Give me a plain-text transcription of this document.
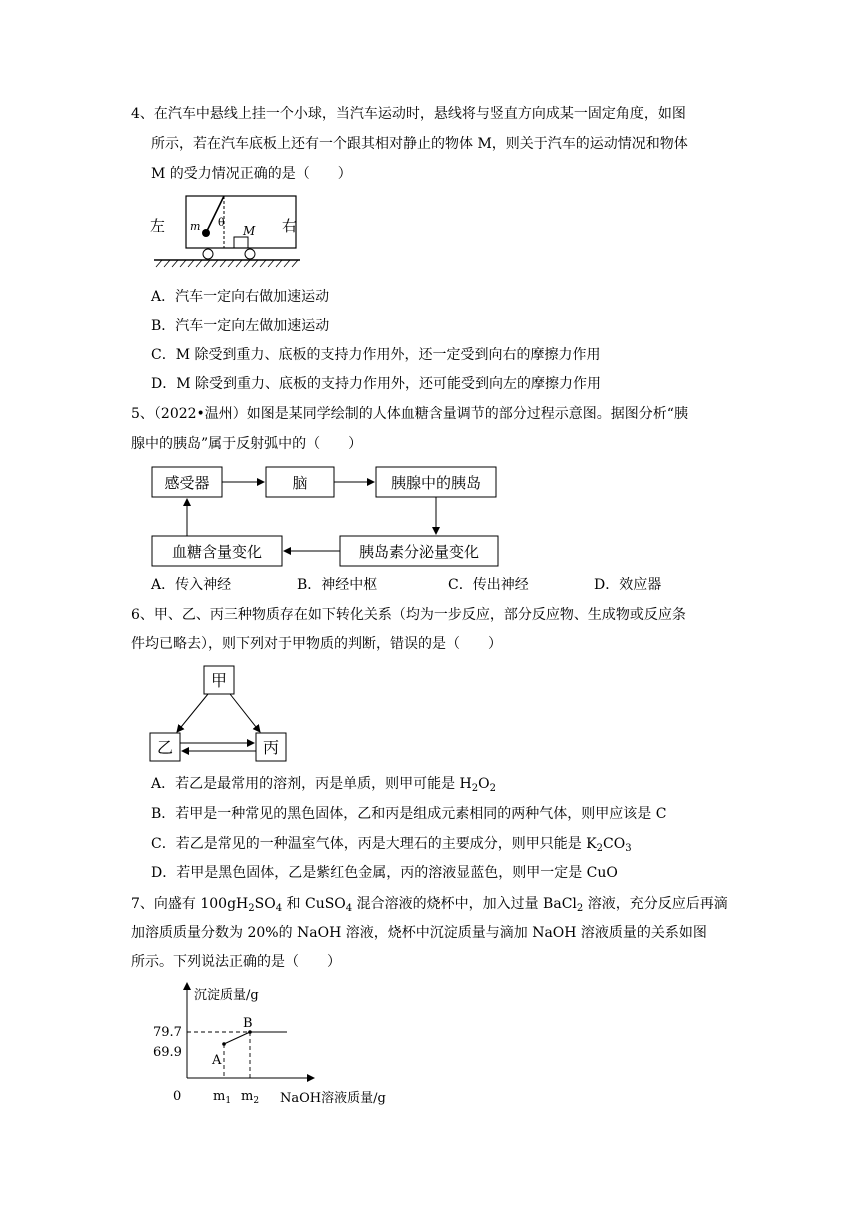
4、在汽车中悬线上挂一个小球，当汽车运动时，悬线将与竖直方向成某一固定角度，如图
所示，若在汽车底板上还有一个跟其相对静止的物体 M，则关于汽车的运动情况和物体
M 的受力情况正确的是（　　）
左	右
m θ
M
A．汽车一定向右做加速运动
B．汽车一定向左做加速运动
C．M 除受到重力、底板的支持力作用外，还一定受到向右的摩擦力作用
D．M 除受到重力、底板的支持力作用外，还可能受到向左的摩擦力作用
5、（2022•温州）如图是某同学绘制的人体血糖含量调节的部分过程示意图。据图分析“胰
腺中的胰岛”属于反射弧中的（　　）
感受器	脑	胰腺中的胰岛
胰岛素分泌量变化
血糖含量变化
A．传入神经	B．神经中枢	C．传出神经	D．效应器
6、甲、乙、丙三种物质存在如下转化关系（均为一步反应，部分反应物、生成物或反应条
件均已略去），则下列对于甲物质的判断，错误的是（　　）
甲
乙	丙
A．若乙是最常用的溶剂，丙是单质，则甲可能是 $H_2O_2$
B．若甲是一种常见的黑色固体，乙和丙是组成元素相同的两种气体，则甲应该是 C
C．若乙是常见的一种温室气体，丙是大理石的主要成分，则甲只能是 $K_2CO_3$
D．若甲是黑色固体，乙是紫红色金属，丙的溶液显蓝色，则甲一定是 CuO
7、向盛有 $100gH_2SO_4$ 和 CuSO$_4$ 混合溶液的烧杯中，加入过量 BaCl$_2$ 溶液，充分反应后再滴
加溶质质量分数为 20%的 NaOH 溶液，烧杯中沉淀质量与滴加 NaOH 溶液质量的关系如图
所示。下列说法正确的是（　　）
沉淀质量/g
NaOH溶液质量/g
0
79.7
69.9
A
B
$m_1$ $m_2$
